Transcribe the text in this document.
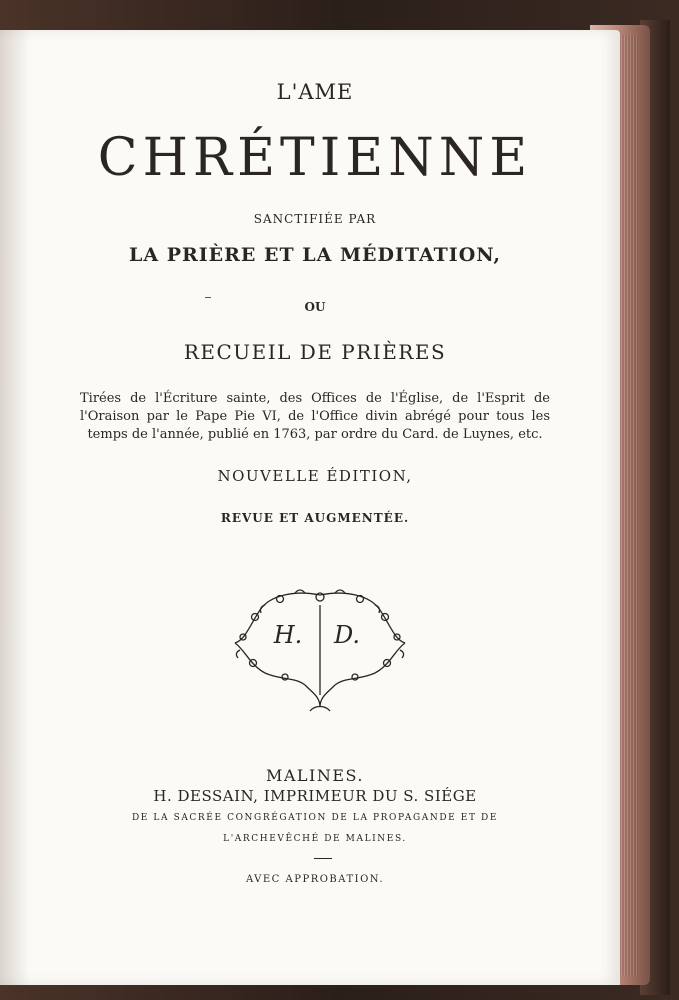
L'AME
CHRÉTIENNE
SANCTIFIÉE PAR
LA PRIÈRE ET LA MÉDITATION,
OU
RECUEIL DE PRIÈRES
Tirées de l'Écriture sainte, des Offices de l'Église, de l'Esprit de l'Oraison par le Pape Pie VI, de l'Office divin abrégé pour tous les temps de l'année, publié en 1763, par ordre du Card. de Luynes, etc.
NOUVELLE ÉDITION,
REVUE ET AUGMENTÉE.
H. D.
MALINES.
H. DESSAIN, IMPRIMEUR DU S. SIÉGE
DE LA SACRÉE CONGRÉGATION DE LA PROPAGANDE ET DE
L'ARCHEVÊCHÉ DE MALINES.
AVEC APPROBATION.
